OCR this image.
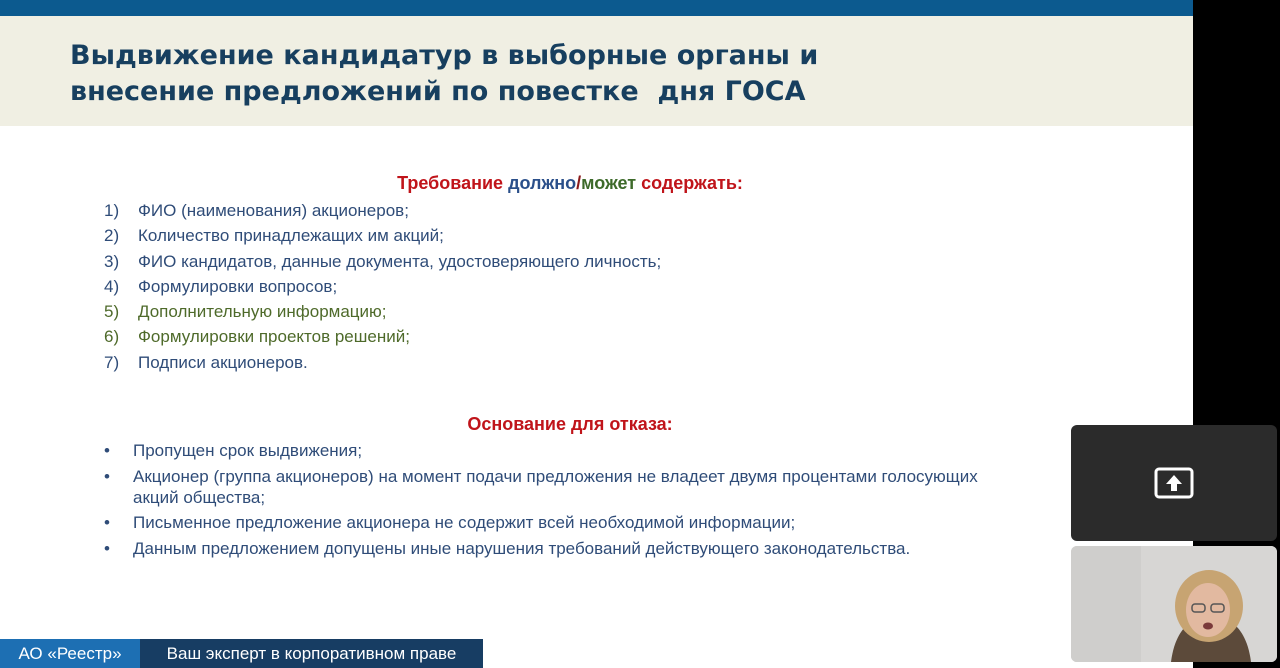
Выдвижение кандидатур в выборные органы и
внесение предложений по повестке  дня ГОСА
Требование должно/может содержать:
1) ФИО (наименования) акционеров;
2) Количество принадлежащих им акций;
3) ФИО кандидатов, данные документа, удостоверяющего личность;
4) Формулировки вопросов;
5) Дополнительную информацию;
6) Формулировки проектов решений;
7) Подписи акционеров.
Основание для отказа:
•	Пропущен срок выдвижения;
•	Акционер (группа акционеров) на момент подачи предложения не владеет двумя процентами голосующих акций общества;
•	Письменное предложение акционера не содержит всей необходимой информации;
•	Данным предложением допущены иные нарушения требований действующего законодательства.
АО «Реестр»	Ваш эксперт в корпоративном праве
